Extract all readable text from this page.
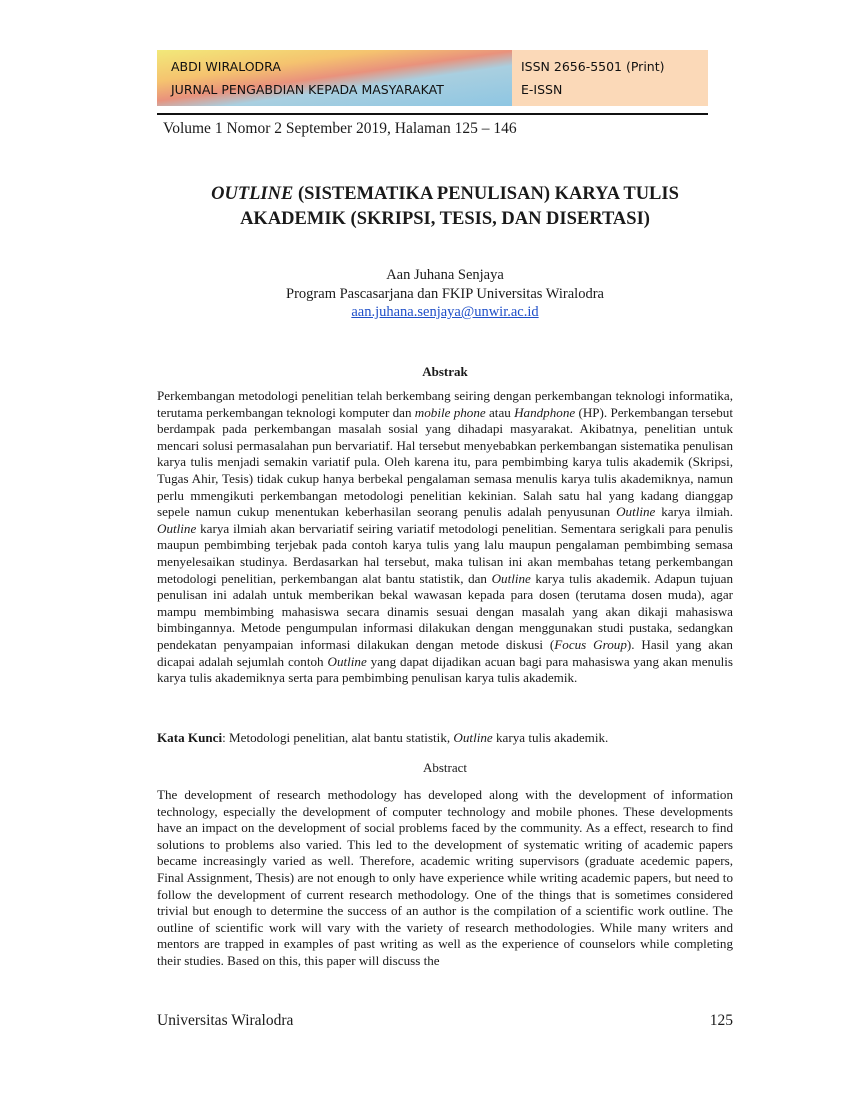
ABDI WIRALODRA
JURNAL PENGABDIAN KEPADA MASYARAKAT
ISSN 2656-5501 (Print)
E-ISSN
Volume 1 Nomor 2 September 2019, Halaman 125 – 146
OUTLINE (SISTEMATIKA PENULISAN) KARYA TULIS
AKADEMIK (SKRIPSI, TESIS, DAN DISERTASI)
Aan Juhana Senjaya
Program Pascasarjana dan FKIP Universitas Wiralodra
aan.juhana.senjaya@unwir.ac.id
Abstrak
Perkembangan metodologi penelitian telah berkembang seiring dengan perkembangan teknologi informatika, terutama perkembangan teknologi komputer dan mobile phone atau Handphone (HP). Perkembangan tersebut berdampak pada perkembangan masalah sosial yang dihadapi masyarakat. Akibatnya, penelitian untuk mencari solusi permasalahan pun bervariatif. Hal tersebut menyebabkan perkembangan sistematika penulisan karya tulis menjadi semakin variatif pula. Oleh karena itu, para pembimbing karya tulis akademik (Skripsi, Tugas Ahir, Tesis) tidak cukup hanya berbekal pengalaman semasa menulis karya tulis akademiknya, namun perlu mmengikuti perkembangan metodologi penelitian kekinian. Salah satu hal yang kadang dianggap sepele namun cukup menentukan keberhasilan seorang penulis adalah penyusunan Outline karya ilmiah. Outline karya ilmiah akan bervariatif seiring variatif metodologi penelitian. Sementara serigkali para penulis maupun pembimbing terjebak pada contoh karya tulis yang lalu maupun pengalaman pembimbing semasa menyelesaikan studinya. Berdasarkan hal tersebut, maka tulisan ini akan membahas tetang perkembangan metodologi penelitian, perkembangan alat bantu statistik, dan Outline karya tulis akademik. Adapun tujuan penulisan ini adalah untuk memberikan bekal wawasan kepada para dosen (terutama dosen muda), agar mampu membimbing mahasiswa secara dinamis sesuai dengan masalah yang akan dikaji mahasiswa bimbingannya. Metode pengumpulan informasi dilakukan dengan menggunakan studi pustaka, sedangkan pendekatan penyampaian informasi dilakukan dengan metode diskusi (Focus Group). Hasil yang akan dicapai adalah sejumlah contoh Outline yang dapat dijadikan acuan bagi para mahasiswa yang akan menulis karya tulis akademiknya serta para pembimbing penulisan karya tulis akademik.
Kata Kunci: Metodologi penelitian, alat bantu statistik, Outline karya tulis akademik.
Abstract
The development of research methodology has developed along with the development of information technology, especially the development of computer technology and mobile phones. These developments have an impact on the development of social problems faced by the community. As a effect, research to find solutions to problems also varied. This led to the development of systematic writing of academic papers became increasingly varied as well. Therefore, academic writing supervisors (graduate acedemic papers, Final Assignment, Thesis) are not enough to only have experience while writing academic papers, but need to follow the development of current research methodology. One of the things that is sometimes considered trivial but enough to determine the success of an author is the compilation of a scientific work outline. The outline of scientific work will vary with the variety of research methodologies. While many writers and mentors are trapped in examples of past writing as well as the experience of counselors while completing their studies. Based on this, this paper will discuss the
Universitas Wiralodra	125
